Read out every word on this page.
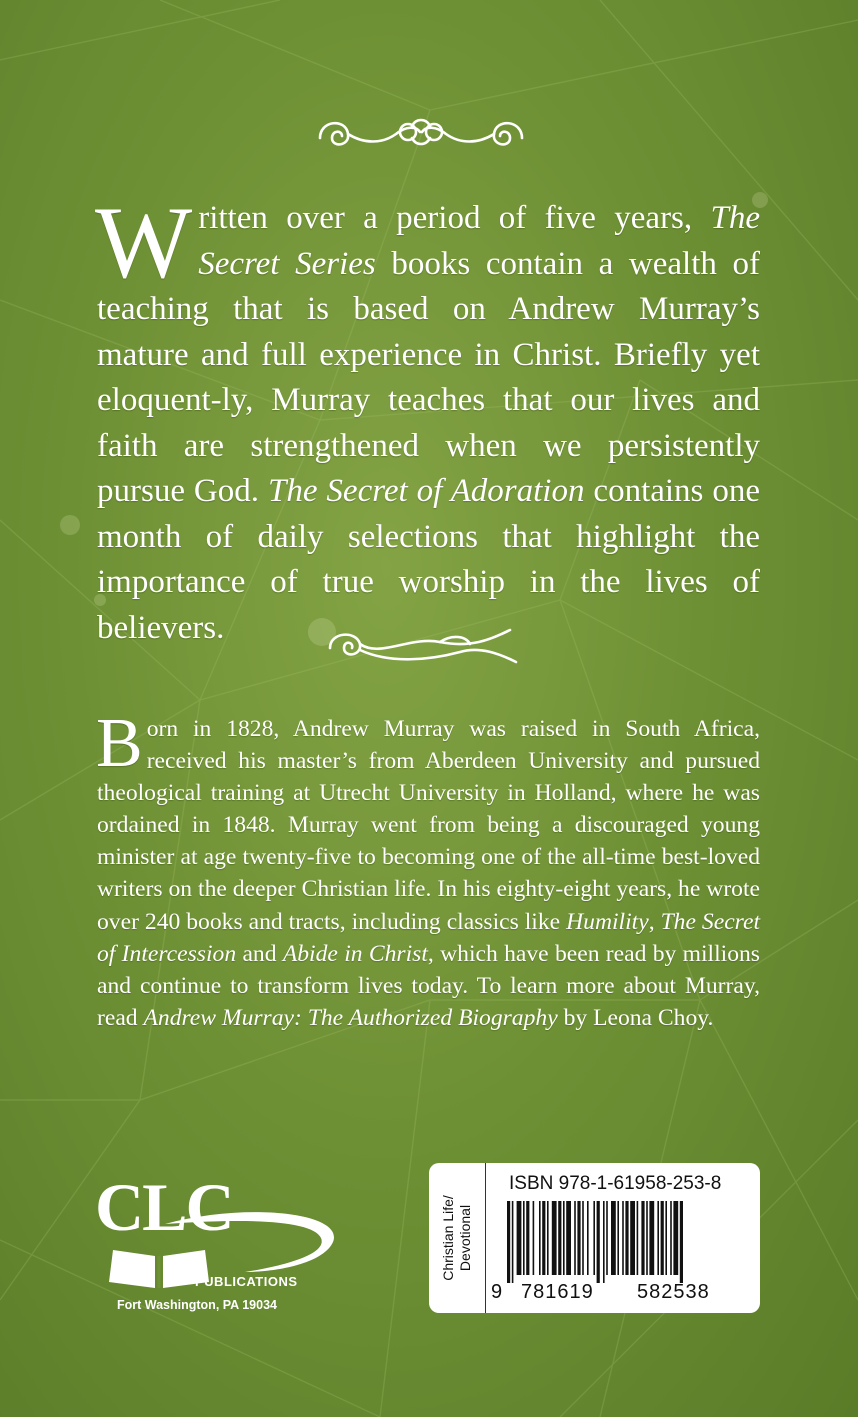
W ritten over a period of five years, The Secret Series books contain a wealth of teaching that is based on Andrew Murray’s mature and full experience in Christ. Briefly yet eloquent-ly, Murray teaches that our lives and faith are strengthened when we persistently pursue God. The Secret of Adoration contains one month of daily selections that highlight the importance of true worship in the lives of believers.

B orn in 1828, Andrew Murray was raised in South Africa, received his master’s from Aberdeen University and pursued theological training at Utrecht University in Holland, where he was ordained in 1848. Murray went from being a discouraged young minister at age twenty-five to becoming one of the all-time best-loved writers on the deeper Christian life. In his eighty-eight years, he wrote over 240 books and tracts, including classics like Humility, The Secret of Intercession and Abide in Christ, which have been read by millions and continue to transform lives today. To learn more about Murray, read Andrew Murray: The Authorized Biography by Leona Choy.

CLC
PUBLICATIONS
Fort Washington, PA 19034
Christian Life/ Devotional
ISBN 978-1-61958-253-8
9 781619 582538
